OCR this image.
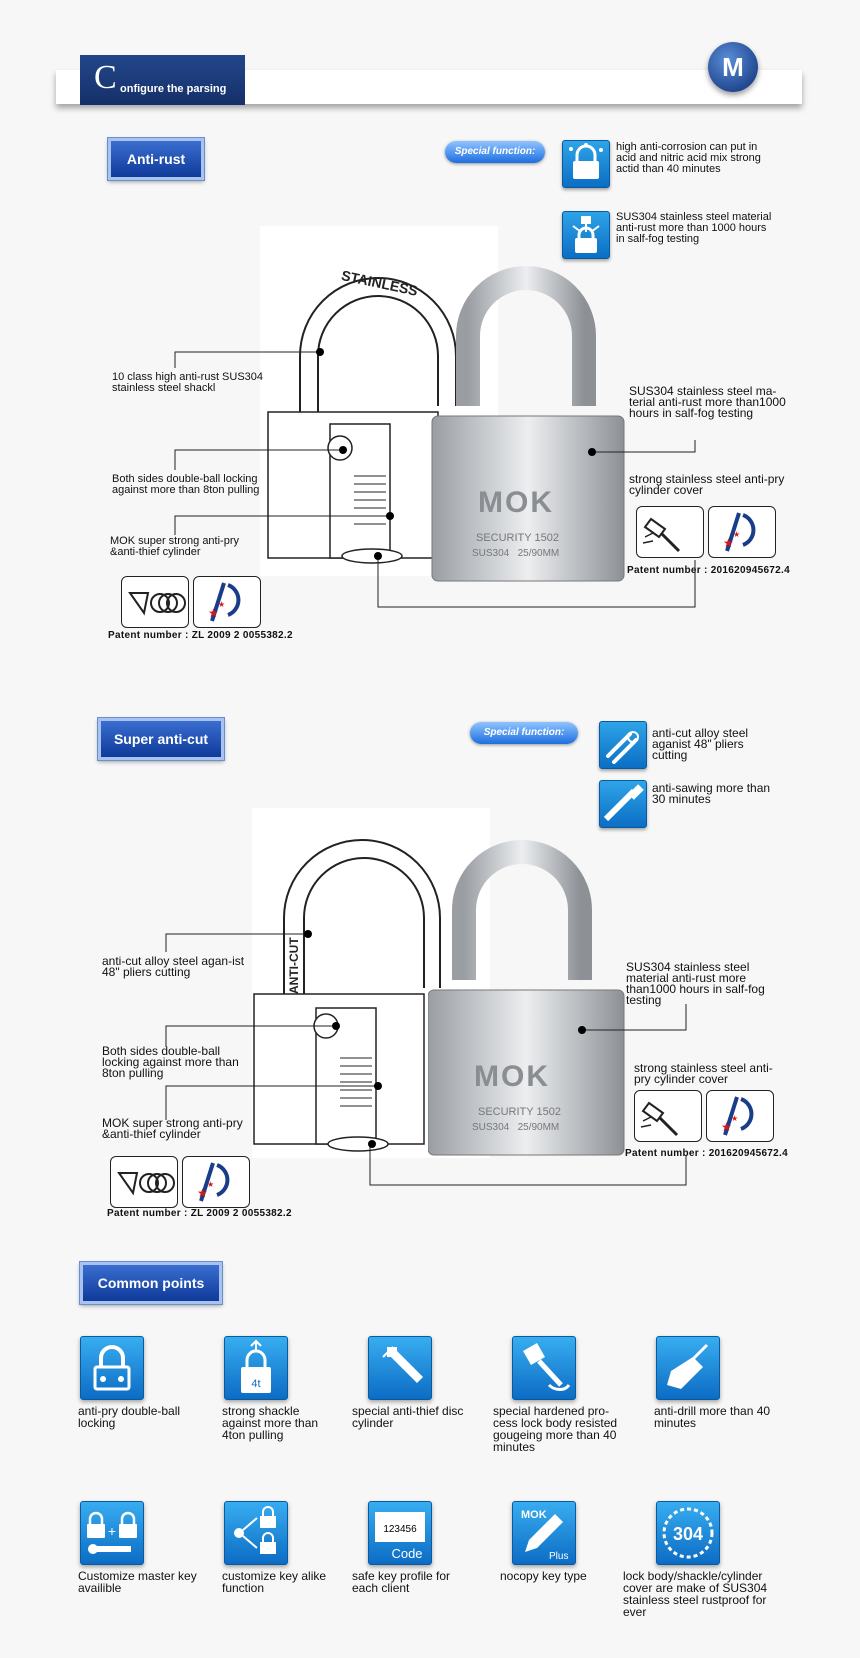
C onfigure the parsing
M
Anti-rust	Special function:	high anti-corrosion can put in acid and nitric acid mix strong actid than 40 minutes
SUS304 stainless steel material anti-rust more than 1000 hours in salf-fog testing
STAINLESS
MOK
SECURITY 1502
SUS304   25/90MM
10 class high anti-rust SUS304 stainless steel shackl
Both sides double-ball locking against more than 8ton pulling
MOK super strong anti-pry &anti-thief cylinder
SUS304 stainless steel ma-terial anti-rust more than1000 hours in salf-fog testing
strong stainless steel anti-pry cylinder cover
★
★
Patent number : ZL 2009 2 0055382.2
★
★
Patent number : 201620945672.4
Super anti-cut	Special function:	anti-cut alloy steel aganist 48" pliers cutting
anti-sawing more than 30 minutes
ANTI-CUT
MOK
SECURITY 1502
SUS304   25/90MM
anti-cut alloy steel agan-ist 48" pliers cutting
Both sides double-ball locking against more than 8ton pulling
MOK super strong anti-pry &anti-thief cylinder
SUS304 stainless steel material anti-rust more than1000 hours in salf-fog testing
strong stainless steel anti-pry cylinder cover
★
★
Patent number : ZL 2009 2 0055382.2
★
★
Patent number : 201620945672.4
Common points
anti-pry double-ball locking
4t
strong shackle against more than 4ton pulling
special anti-thief disc cylinder
special hardened pro-cess lock body resisted gougeing more than 40 minutes
anti-drill more than 40 minutes
+
Customize master key availible
customize key alike function
123456
Code
safe key profile for each client
MOK
Plus
nocopy key type
304
lock body/shackle/cylinder cover are make of SUS304 stainless steel rustproof for ever
